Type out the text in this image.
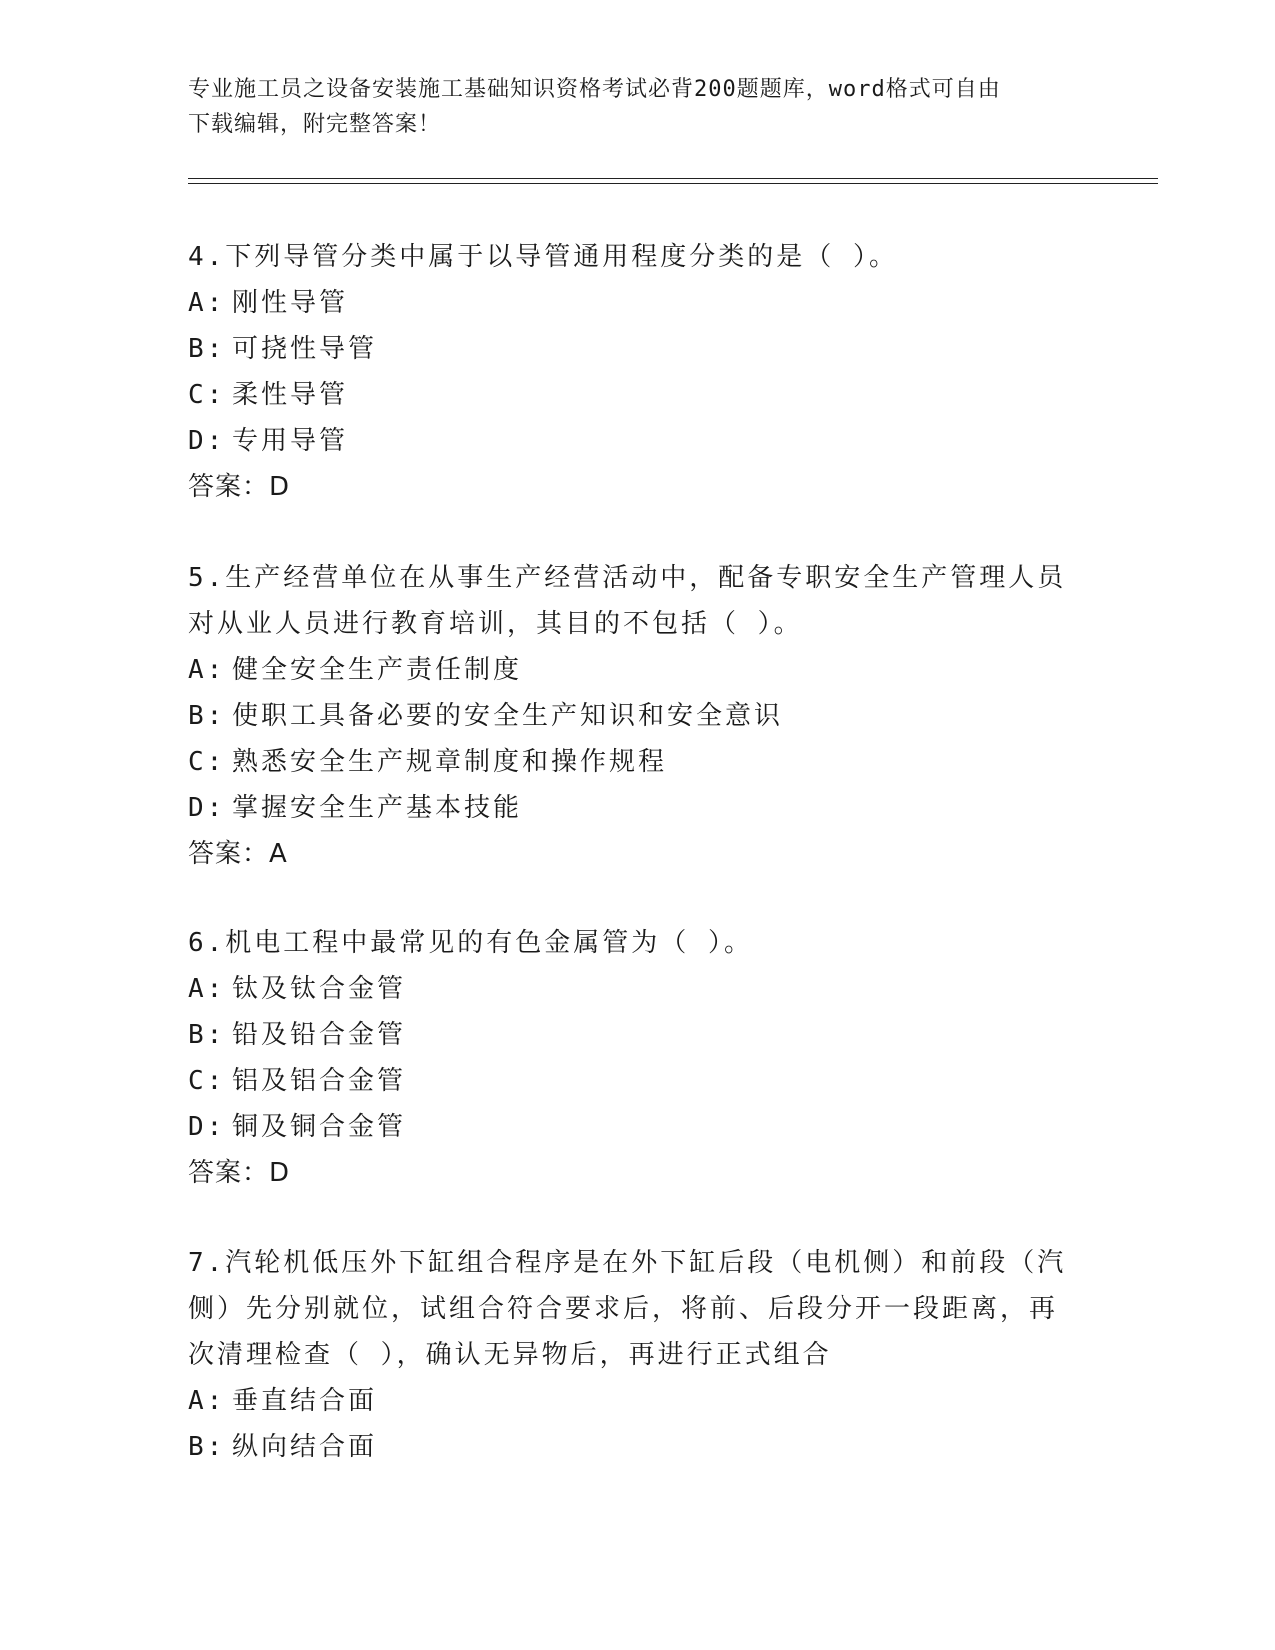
专业施工员之设备安装施工基础知识资格考试必背200题题库，word格式可自由
下载编辑，附完整答案！

4.下列导管分类中属于以导管通用程度分类的是（ ）。

A: 刚性导管

B: 可挠性导管

C: 柔性导管

D: 专用导管

答案：D

5.生产经营单位在从事生产经营活动中，配备专职安全生产管理人员

对从业人员进行教育培训，其目的不包括（ ）。

A: 健全安全生产责任制度

B: 使职工具备必要的安全生产知识和安全意识

C: 熟悉安全生产规章制度和操作规程

D: 掌握安全生产基本技能

答案：A

6.机电工程中最常见的有色金属管为（ ）。

A: 钛及钛合金管

B: 铅及铅合金管

C: 铝及铝合金管

D: 铜及铜合金管

答案：D

7.汽轮机低压外下缸组合程序是在外下缸后段（电机侧）和前段（汽

侧）先分别就位，试组合符合要求后，将前、后段分开一段距离，再

次清理检查（ ），确认无异物后，再进行正式组合

A: 垂直结合面

B: 纵向结合面
